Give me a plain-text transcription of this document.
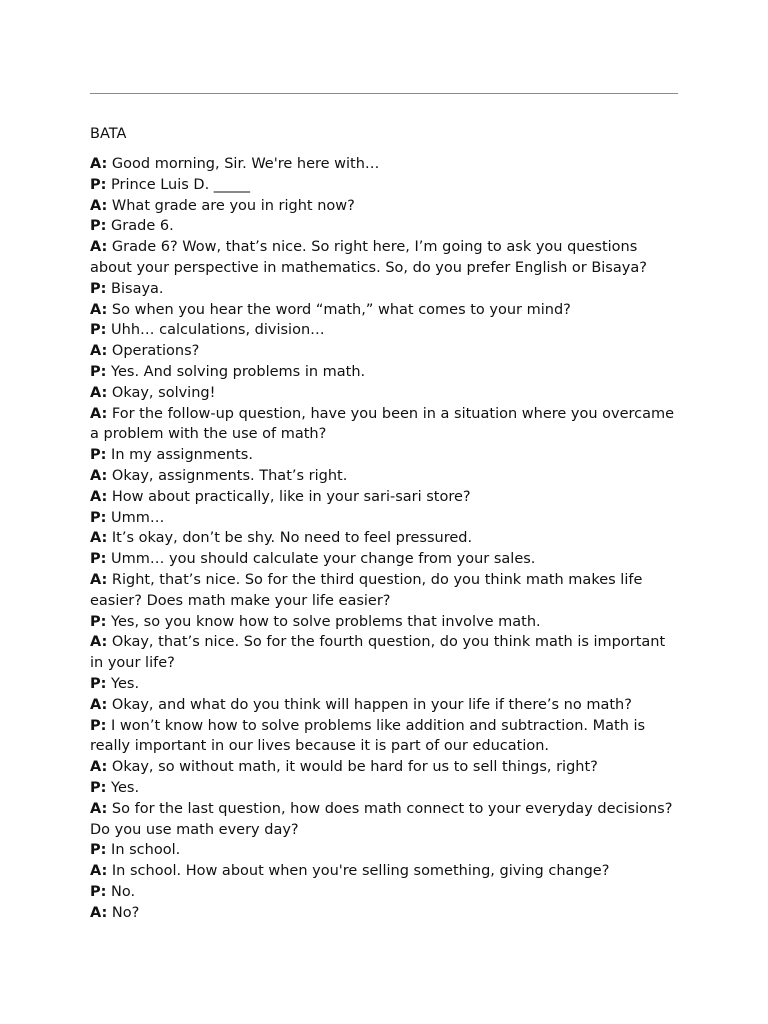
BATA

A: Good morning, Sir. We're here with…

P: Prince Luis D. _____

A: What grade are you in right now?

P: Grade 6.

A: Grade 6? Wow, that’s nice. So right here, I’m going to ask you questions about your perspective in mathematics. So, do you prefer English or Bisaya?

P: Bisaya.

A: So when you hear the word “math,” what comes to your mind?

P: Uhh… calculations, division…

A: Operations?

P: Yes. And solving problems in math.

A: Okay, solving!

A: For the follow-up question, have you been in a situation where you overcame a problem with the use of math?

P: In my assignments.

A: Okay, assignments. That’s right.

A: How about practically, like in your sari-sari store?

P: Umm…

A: It’s okay, don’t be shy. No need to feel pressured.

P: Umm… you should calculate your change from your sales.

A: Right, that’s nice. So for the third question, do you think math makes life easier? Does math make your life easier?

P: Yes, so you know how to solve problems that involve math.

A: Okay, that’s nice. So for the fourth question, do you think math is important in your life?

P: Yes.

A: Okay, and what do you think will happen in your life if there’s no math?

P: I won’t know how to solve problems like addition and subtraction. Math is really important in our lives because it is part of our education.

A: Okay, so without math, it would be hard for us to sell things, right?

P: Yes.

A: So for the last question, how does math connect to your everyday decisions? Do you use math every day?

P: In school.

A: In school. How about when you're selling something, giving change?

P: No.

A: No?
